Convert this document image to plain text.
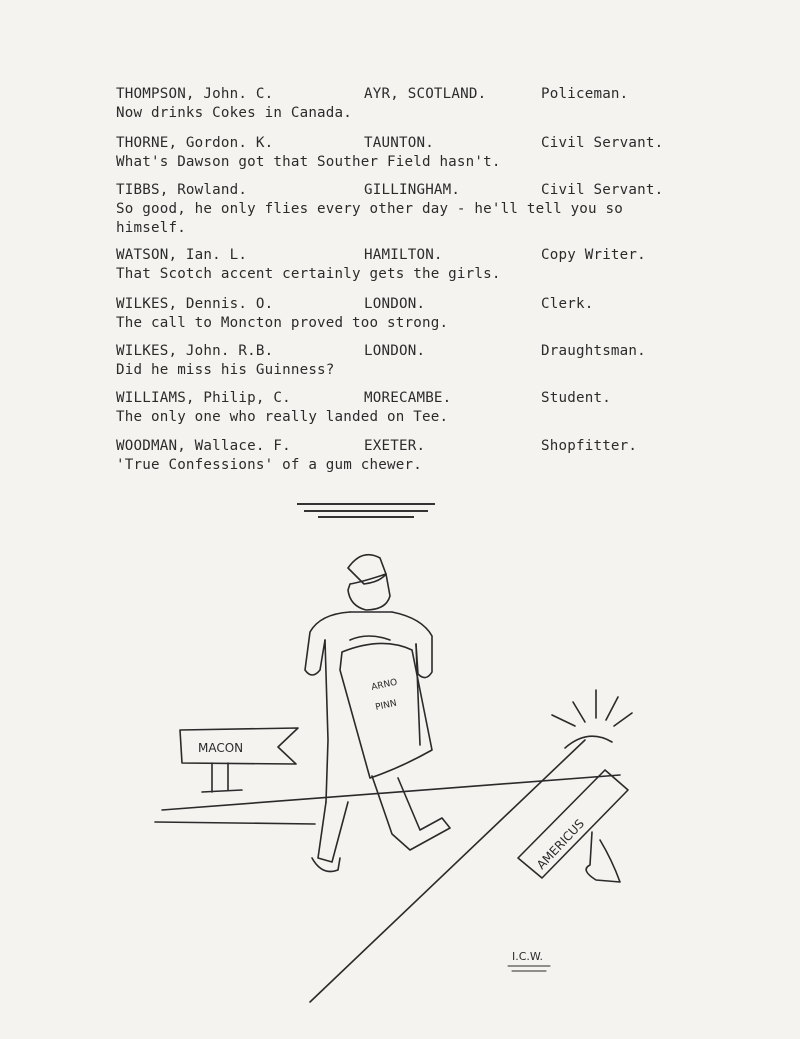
THOMPSON, John. C.	AYR, SCOTLAND.	Policeman.
Now drinks Cokes in Canada.
THORNE, Gordon. K.	TAUNTON.	Civil Servant.
What's Dawson got that Souther Field hasn't.
TIBBS, Rowland.	GILLINGHAM.	Civil Servant.
So good, he only flies every other day - he'll tell you so himself.
WATSON, Ian. L.	HAMILTON.	Copy Writer.
That Scotch accent certainly gets the girls.
WILKES, Dennis. O.	LONDON.	Clerk.
The call to Moncton proved too strong.
WILKES, John. R.B.	LONDON.	Draughtsman.
Did he miss his Guinness?
WILLIAMS, Philip, C.	MORECAMBE.	Student.
The only one who really landed on Tee.
WOODMAN, Wallace. F.	EXETER.	Shopfitter.
'True Confessions' of a gum chewer.
MACON
AMERICUS
ARNO
PINN
I.C.W.
